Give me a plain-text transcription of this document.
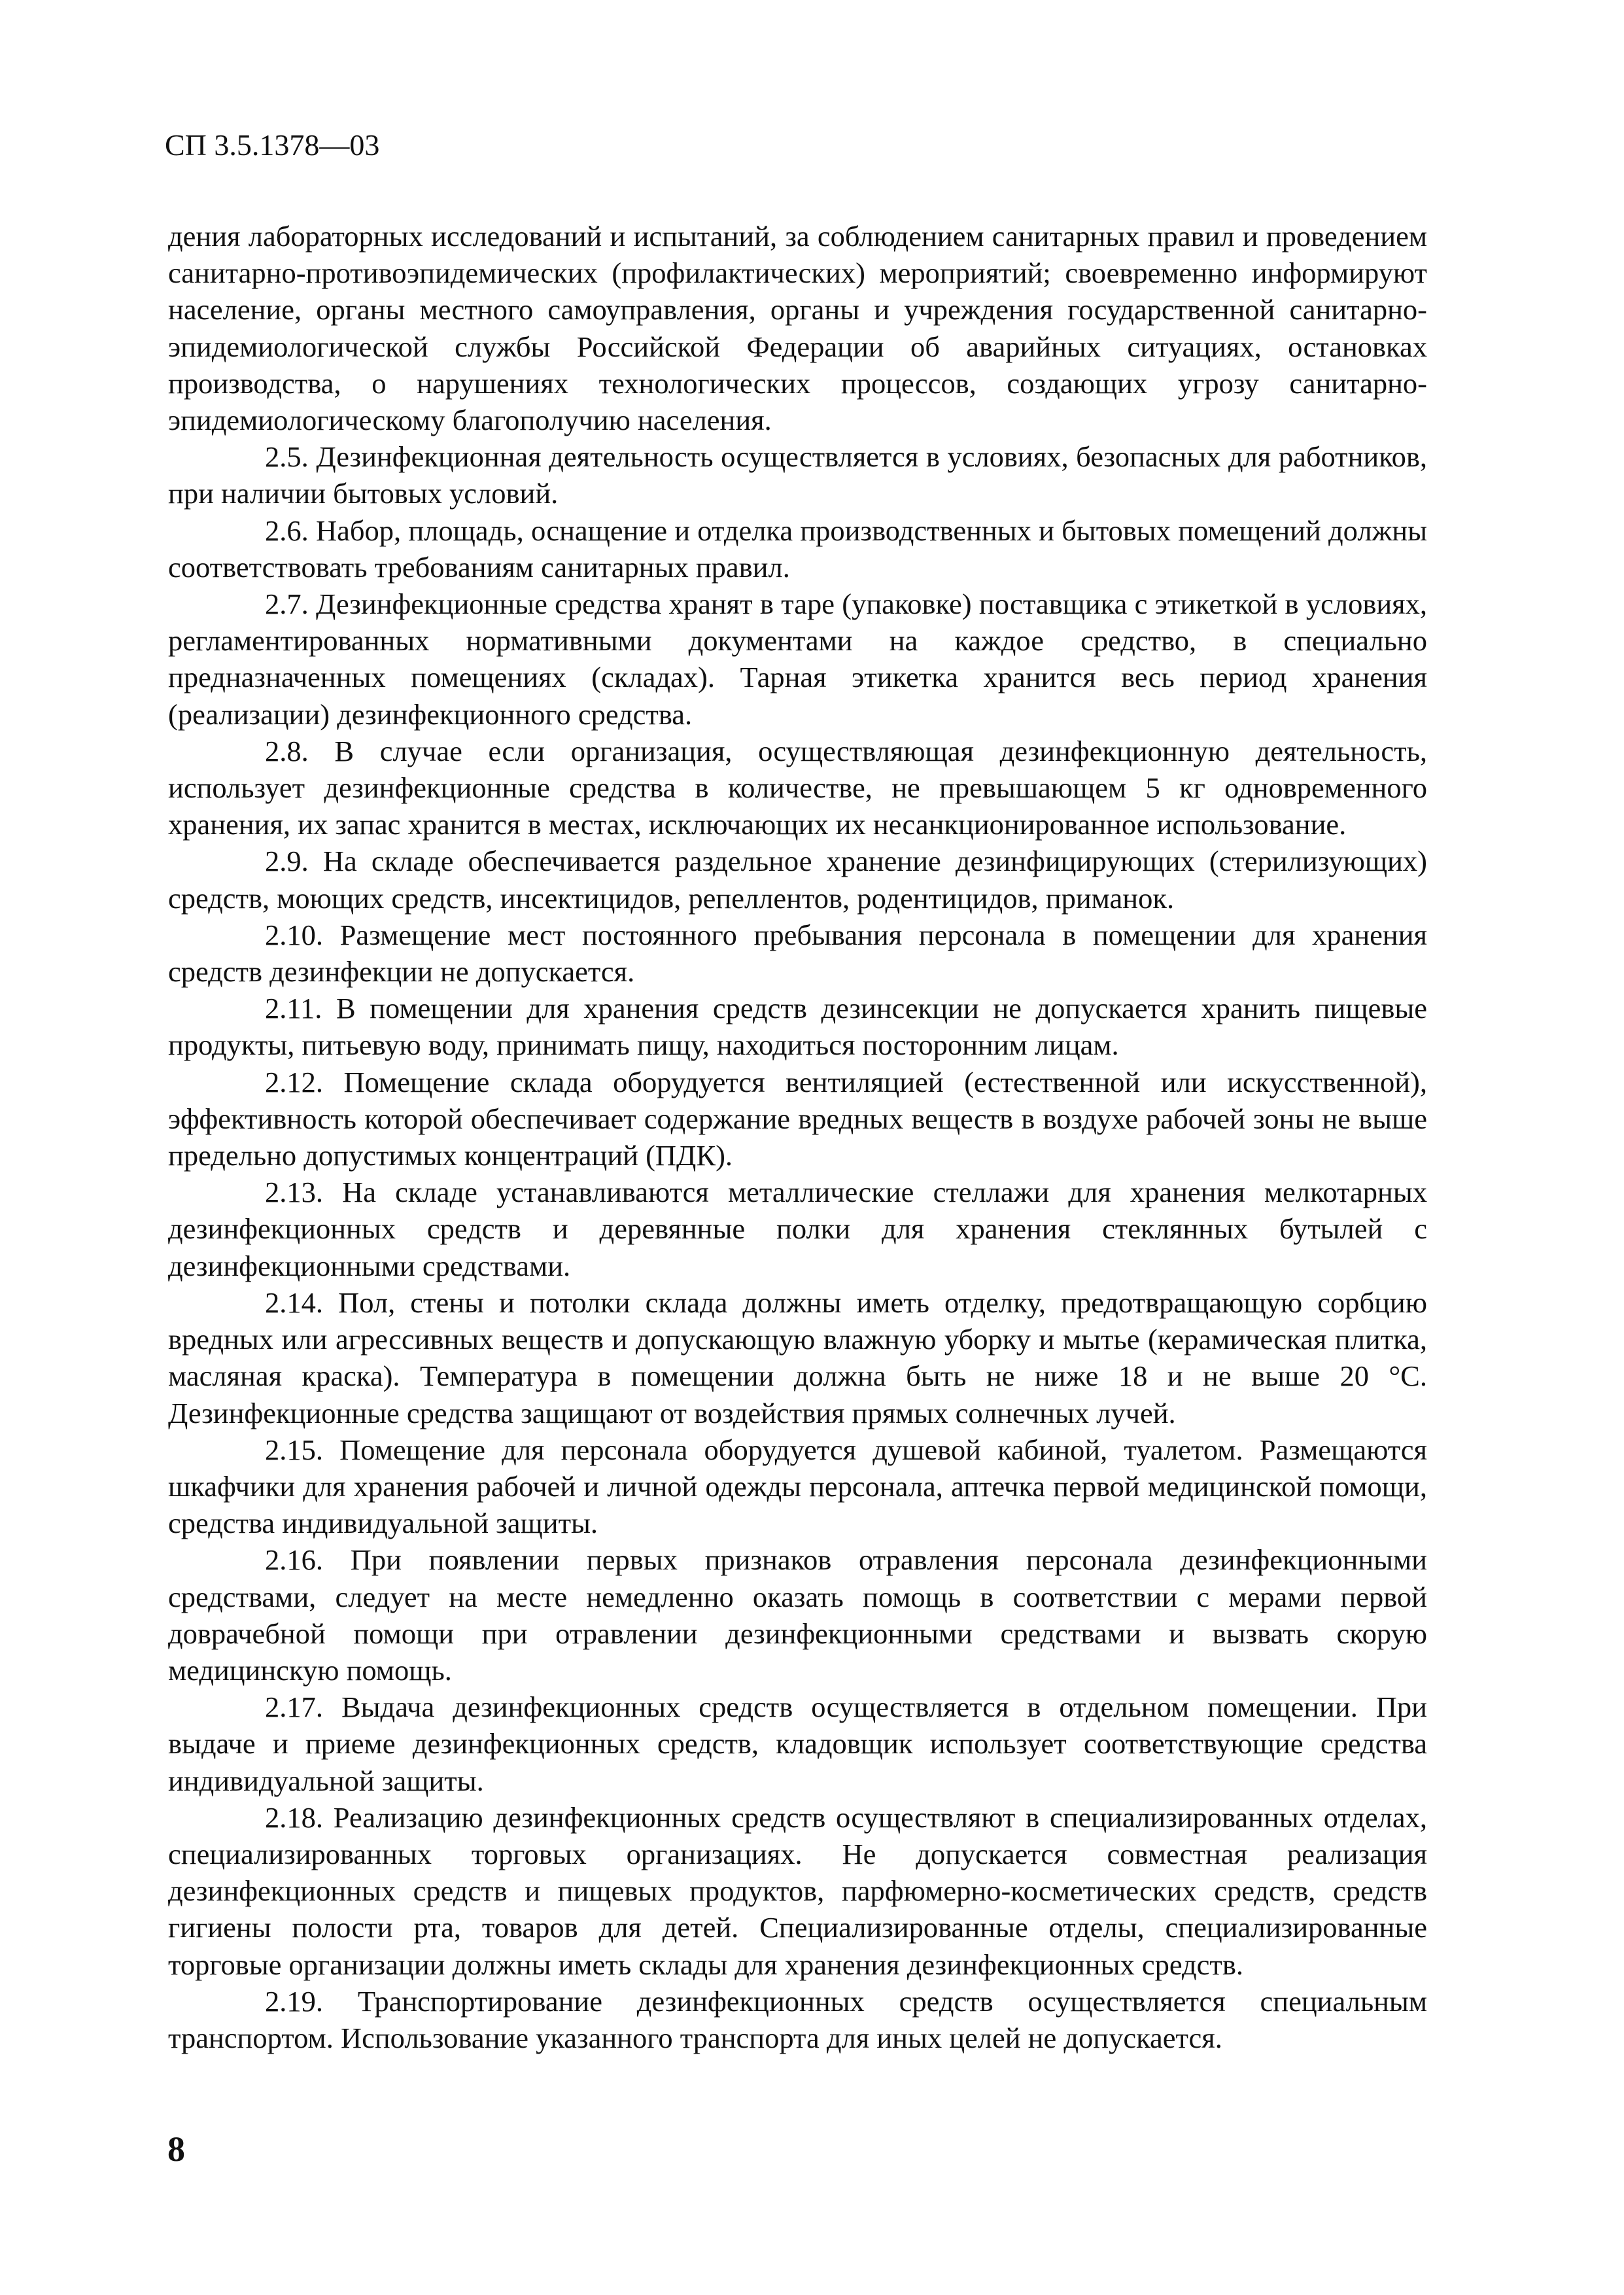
СП 3.5.1378—03

дения лабораторных исследований и испытаний, за соблюдением санитарных правил и проведением санитарно-противоэпидемических (профилактических) мероприятий; своевременно информируют население, органы местного самоуправления, органы и учреждения государственной санитарно-эпидемиологической службы Российской Федерации об аварийных ситуациях, остановках производства, о нарушениях технологических процессов, создающих угрозу санитарно-эпидемиологическому благополучию населения.

2.5. Дезинфекционная деятельность осуществляется в условиях, безопасных для работников, при наличии бытовых условий.

2.6. Набор, площадь, оснащение и отделка производственных и бытовых помещений должны соответствовать требованиям санитарных правил.

2.7. Дезинфекционные средства хранят в таре (упаковке) поставщика с этикеткой в условиях, регламентированных нормативными документами на каждое средство, в специально предназначенных помещениях (складах). Тарная этикетка хранится весь период хранения (реализации) дезинфекционного средства.

2.8. В случае если организация, осуществляющая дезинфекционную деятельность, использует дезинфекционные средства в количестве, не превышающем 5 кг одновременного хранения, их запас хранится в местах, исключающих их несанкционированное использование.

2.9. На складе обеспечивается раздельное хранение дезинфицирующих (стерилизующих) средств, моющих средств, инсектицидов, репеллентов, родентицидов, приманок.

2.10. Размещение мест постоянного пребывания персонала в помещении для хранения средств дезинфекции не допускается.

2.11. В помещении для хранения средств дезинсекции не допускается хранить пищевые продукты, питьевую воду, принимать пищу, находиться посторонним лицам.

2.12. Помещение склада оборудуется вентиляцией (естественной или искусственной), эффективность которой обеспечивает содержание вредных веществ в воздухе рабочей зоны не выше предельно допустимых концентраций (ПДК).

2.13. На складе устанавливаются металлические стеллажи для хранения мелкотарных дезинфекционных средств и деревянные полки для хранения стеклянных бутылей с дезинфекционными средствами.

2.14. Пол, стены и потолки склада должны иметь отделку, предотвращающую сорбцию вредных или агрессивных веществ и допускающую влажную уборку и мытье (керамическая плитка, масляная краска). Температура в помещении должна быть не ниже 18 и не выше 20 °C. Дезинфекционные средства защищают от воздействия прямых солнечных лучей.

2.15. Помещение для персонала оборудуется душевой кабиной, туалетом. Размещаются шкафчики для хранения рабочей и личной одежды персонала, аптечка первой медицинской помощи, средства индивидуальной защиты.

2.16. При появлении первых признаков отравления персонала дезинфекционными средствами, следует на месте немедленно оказать помощь в соответствии с мерами первой доврачебной помощи при отравлении дезинфекционными средствами и вызвать скорую медицинскую помощь.

2.17. Выдача дезинфекционных средств осуществляется в отдельном помещении. При выдаче и приеме дезинфекционных средств, кладовщик использует соответствующие средства индивидуальной защиты.

2.18. Реализацию дезинфекционных средств осуществляют в специализированных отделах, специализированных торговых организациях. Не допускается совместная реализация дезинфекционных средств и пищевых продуктов, парфюмерно-косметических средств, средств гигиены полости рта, товаров для детей. Специализированные отделы, специализированные торговые организации должны иметь склады для хранения дезинфекционных средств.

2.19. Транспортирование дезинфекционных средств осуществляется специальным транспортом. Использование указанного транспорта для иных целей не допускается.

8
